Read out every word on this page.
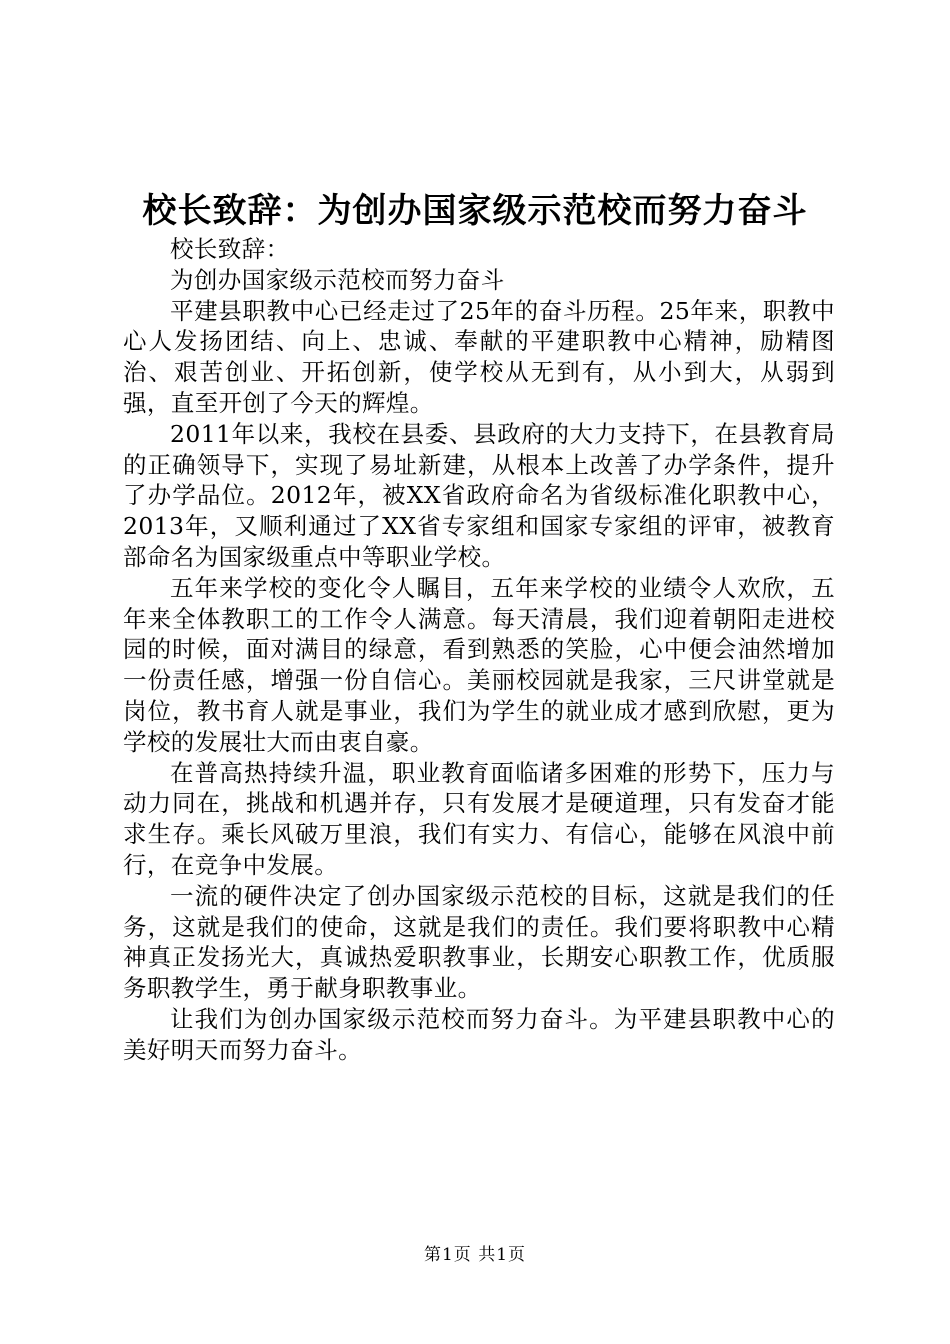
校长致辞：为创办国家级示范校而努力奋斗

校长致辞：

为创办国家级示范校而努力奋斗

平建县职教中心已经走过了25年的奋斗历程。25年来，职教中心人发扬团结、向上、忠诚、奉献的平建职教中心精神，励精图治、艰苦创业、开拓创新，使学校从无到有，从小到大，从弱到强，直至开创了今天的辉煌。

2011年以来，我校在县委、县政府的大力支持下，在县教育局的正确领导下，实现了易址新建，从根本上改善了办学条件，提升了办学品位。2012年，被XX省政府命名为省级标准化职教中心，2013年，又顺利通过了XX省专家组和国家专家组的评审，被教育部命名为国家级重点中等职业学校。

五年来学校的变化令人瞩目，五年来学校的业绩令人欢欣，五年来全体教职工的工作令人满意。每天清晨，我们迎着朝阳走进校园的时候，面对满目的绿意，看到熟悉的笑脸，心中便会油然增加一份责任感，增强一份自信心。美丽校园就是我家，三尺讲堂就是岗位，教书育人就是事业，我们为学生的就业成才感到欣慰，更为学校的发展壮大而由衷自豪。

在普高热持续升温，职业教育面临诸多困难的形势下，压力与动力同在，挑战和机遇并存，只有发展才是硬道理，只有发奋才能求生存。乘长风破万里浪，我们有实力、有信心，能够在风浪中前行，在竞争中发展。

一流的硬件决定了创办国家级示范校的目标，这就是我们的任务，这就是我们的使命，这就是我们的责任。我们要将职教中心精神真正发扬光大，真诚热爱职教事业，长期安心职教工作，优质服务职教学生，勇于献身职教事业。

让我们为创办国家级示范校而努力奋斗。为平建县职教中心的美好明天而努力奋斗。

第1页 共1页
